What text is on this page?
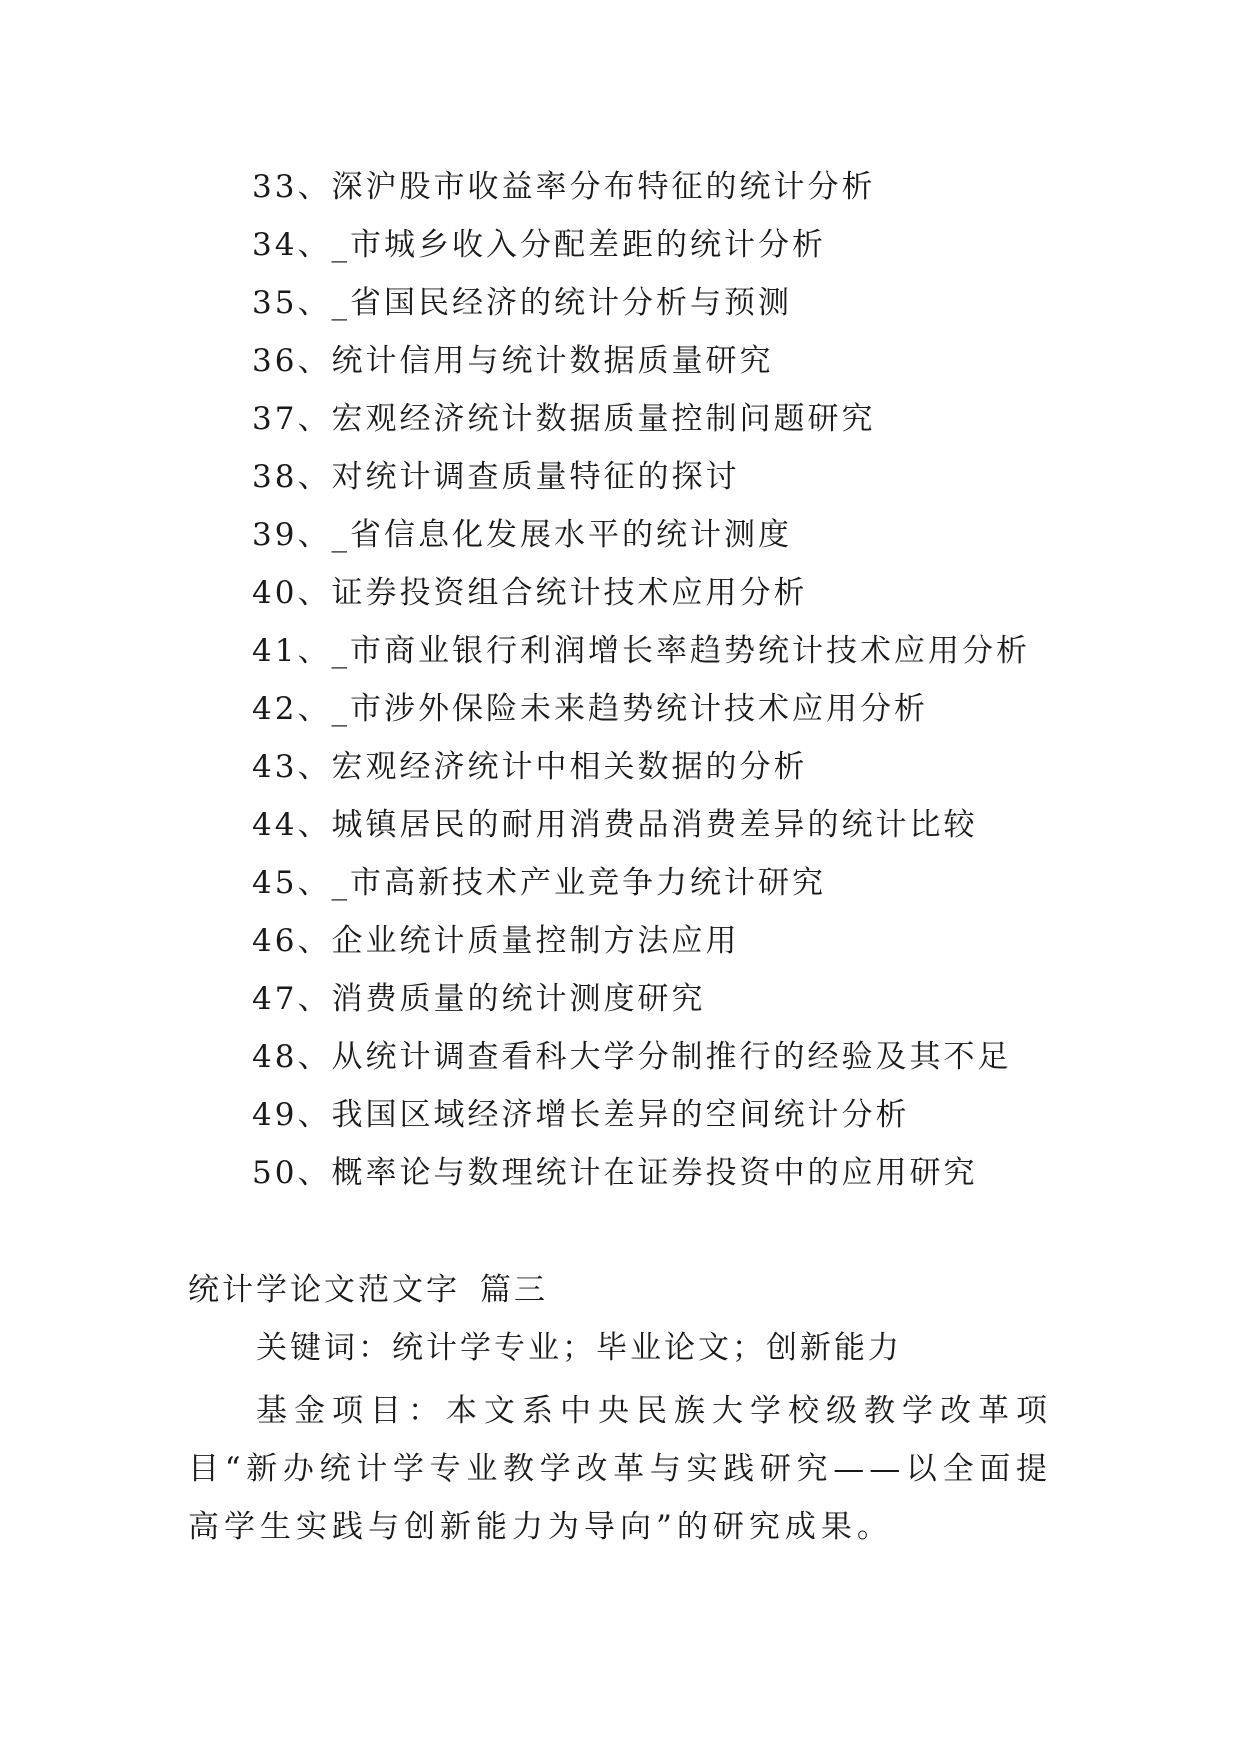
33、深沪股市收益率分布特征的统计分析
34、_市城乡收入分配差距的统计分析
35、_省国民经济的统计分析与预测
36、统计信用与统计数据质量研究
37、宏观经济统计数据质量控制问题研究
38、对统计调查质量特征的探讨
39、_省信息化发展水平的统计测度
40、证券投资组合统计技术应用分析
41、_市商业银行利润增长率趋势统计技术应用分析
42、_市涉外保险未来趋势统计技术应用分析
43、宏观经济统计中相关数据的分析
44、城镇居民的耐用消费品消费差异的统计比较
45、_市高新技术产业竞争力统计研究
46、企业统计质量控制方法应用
47、消费质量的统计测度研究
48、从统计调查看科大学分制推行的经验及其不足
49、我国区域经济增长差异的空间统计分析
50、概率论与数理统计在证券投资中的应用研究
统计学论文范文字 篇三
关键词：统计学专业；毕业论文；创新能力

基金项目：本文系中央民族大学校级教学改革项目“新办统计学专业教学改革与实践研究——以全面提高学生实践与创新能力为导向”的研究成果。
